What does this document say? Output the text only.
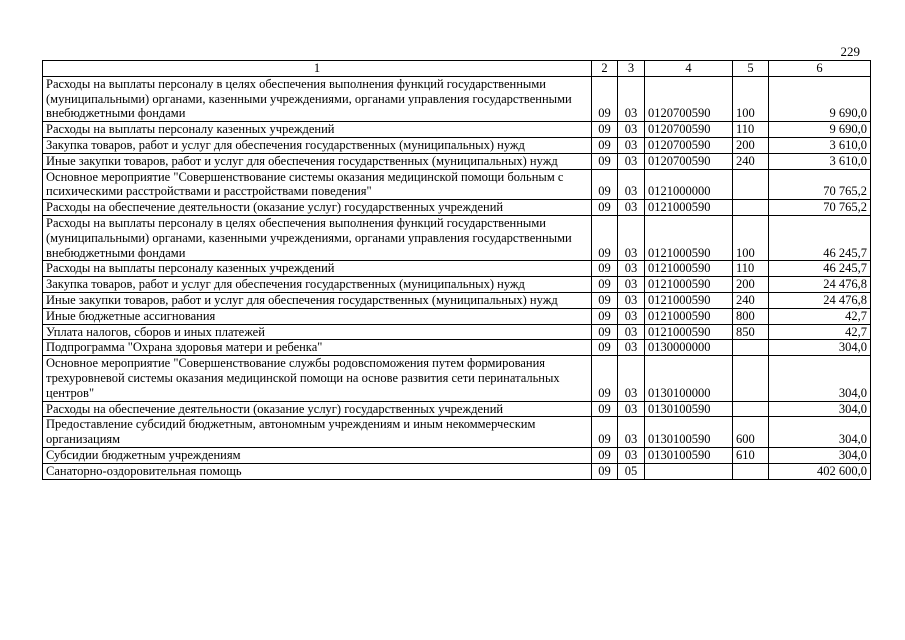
229
1	2	3	4	5	6
Расходы на выплаты персоналу в целях обеспечения выполнения функций государственными (муниципальными) органами, казенными учреждениями, органами управления государственными внебюджетными фондами	09	03	0120700590	100	9 690,0
Расходы на выплаты персоналу казенных учреждений	09	03	0120700590	110	9 690,0
Закупка товаров, работ и услуг для обеспечения государственных (муниципальных) нужд	09	03	0120700590	200	3 610,0
Иные закупки товаров, работ и услуг для обеспечения государственных (муниципальных) нужд	09	03	0120700590	240	3 610,0
Основное мероприятие "Совершенствование системы оказания медицинской помощи больным с психическими расстройствами и расстройствами поведения"	09	03	0121000000		70 765,2
Расходы на обеспечение деятельности (оказание услуг) государственных учреждений	09	03	0121000590		70 765,2
Расходы на выплаты персоналу в целях обеспечения выполнения функций государственными (муниципальными) органами, казенными учреждениями, органами управления государственными внебюджетными фондами	09	03	0121000590	100	46 245,7
Расходы на выплаты персоналу казенных учреждений	09	03	0121000590	110	46 245,7
Закупка товаров, работ и услуг для обеспечения государственных (муниципальных) нужд	09	03	0121000590	200	24 476,8
Иные закупки товаров, работ и услуг для обеспечения государственных (муниципальных) нужд	09	03	0121000590	240	24 476,8
Иные бюджетные ассигнования	09	03	0121000590	800	42,7
Уплата налогов, сборов и иных платежей	09	03	0121000590	850	42,7
Подпрограмма "Охрана здоровья матери и ребенка"	09	03	0130000000		304,0
Основное мероприятие "Совершенствование службы родовспоможения путем формирования трехуровневой системы оказания медицинской помощи на основе развития сети перинатальных центров"	09	03	0130100000		304,0
Расходы на обеспечение деятельности (оказание услуг) государственных учреждений	09	03	0130100590		304,0
Предоставление субсидий бюджетным, автономным учреждениям и иным некоммерческим организациям	09	03	0130100590	600	304,0
Субсидии бюджетным учреждениям	09	03	0130100590	610	304,0
Санаторно-оздоровительная помощь	09	05			402 600,0
